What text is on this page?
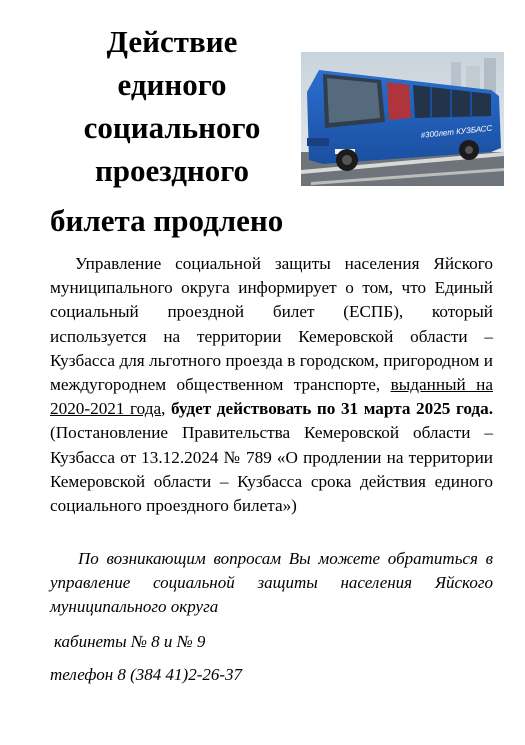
Действие
единого
социального
проездного
билета продлено
#300лет КУЗБАСС

Управление социальной защиты населения Яйского муниципального округа информирует о том, что Единый социальный проездной билет (ЕСПБ), который используется на территории Кемеровской области – Кузбасса для льготного проезда в городском, пригородном и междугороднем общественном транспорте, выданный на 2020-2021 года, будет действовать по 31 марта 2025 года. (Постановление Правительства Кемеровской области – Кузбасса от 13.12.2024 № 789 «О продлении на территории Кемеровской области – Кузбасса срока действия единого социального проездного билета»)

По возникающим вопросам Вы можете обратиться в управление социальной защиты населения Яйского муниципального округа

кабинеты № 8 и № 9
телефон 8 (384 41)2-26-37
